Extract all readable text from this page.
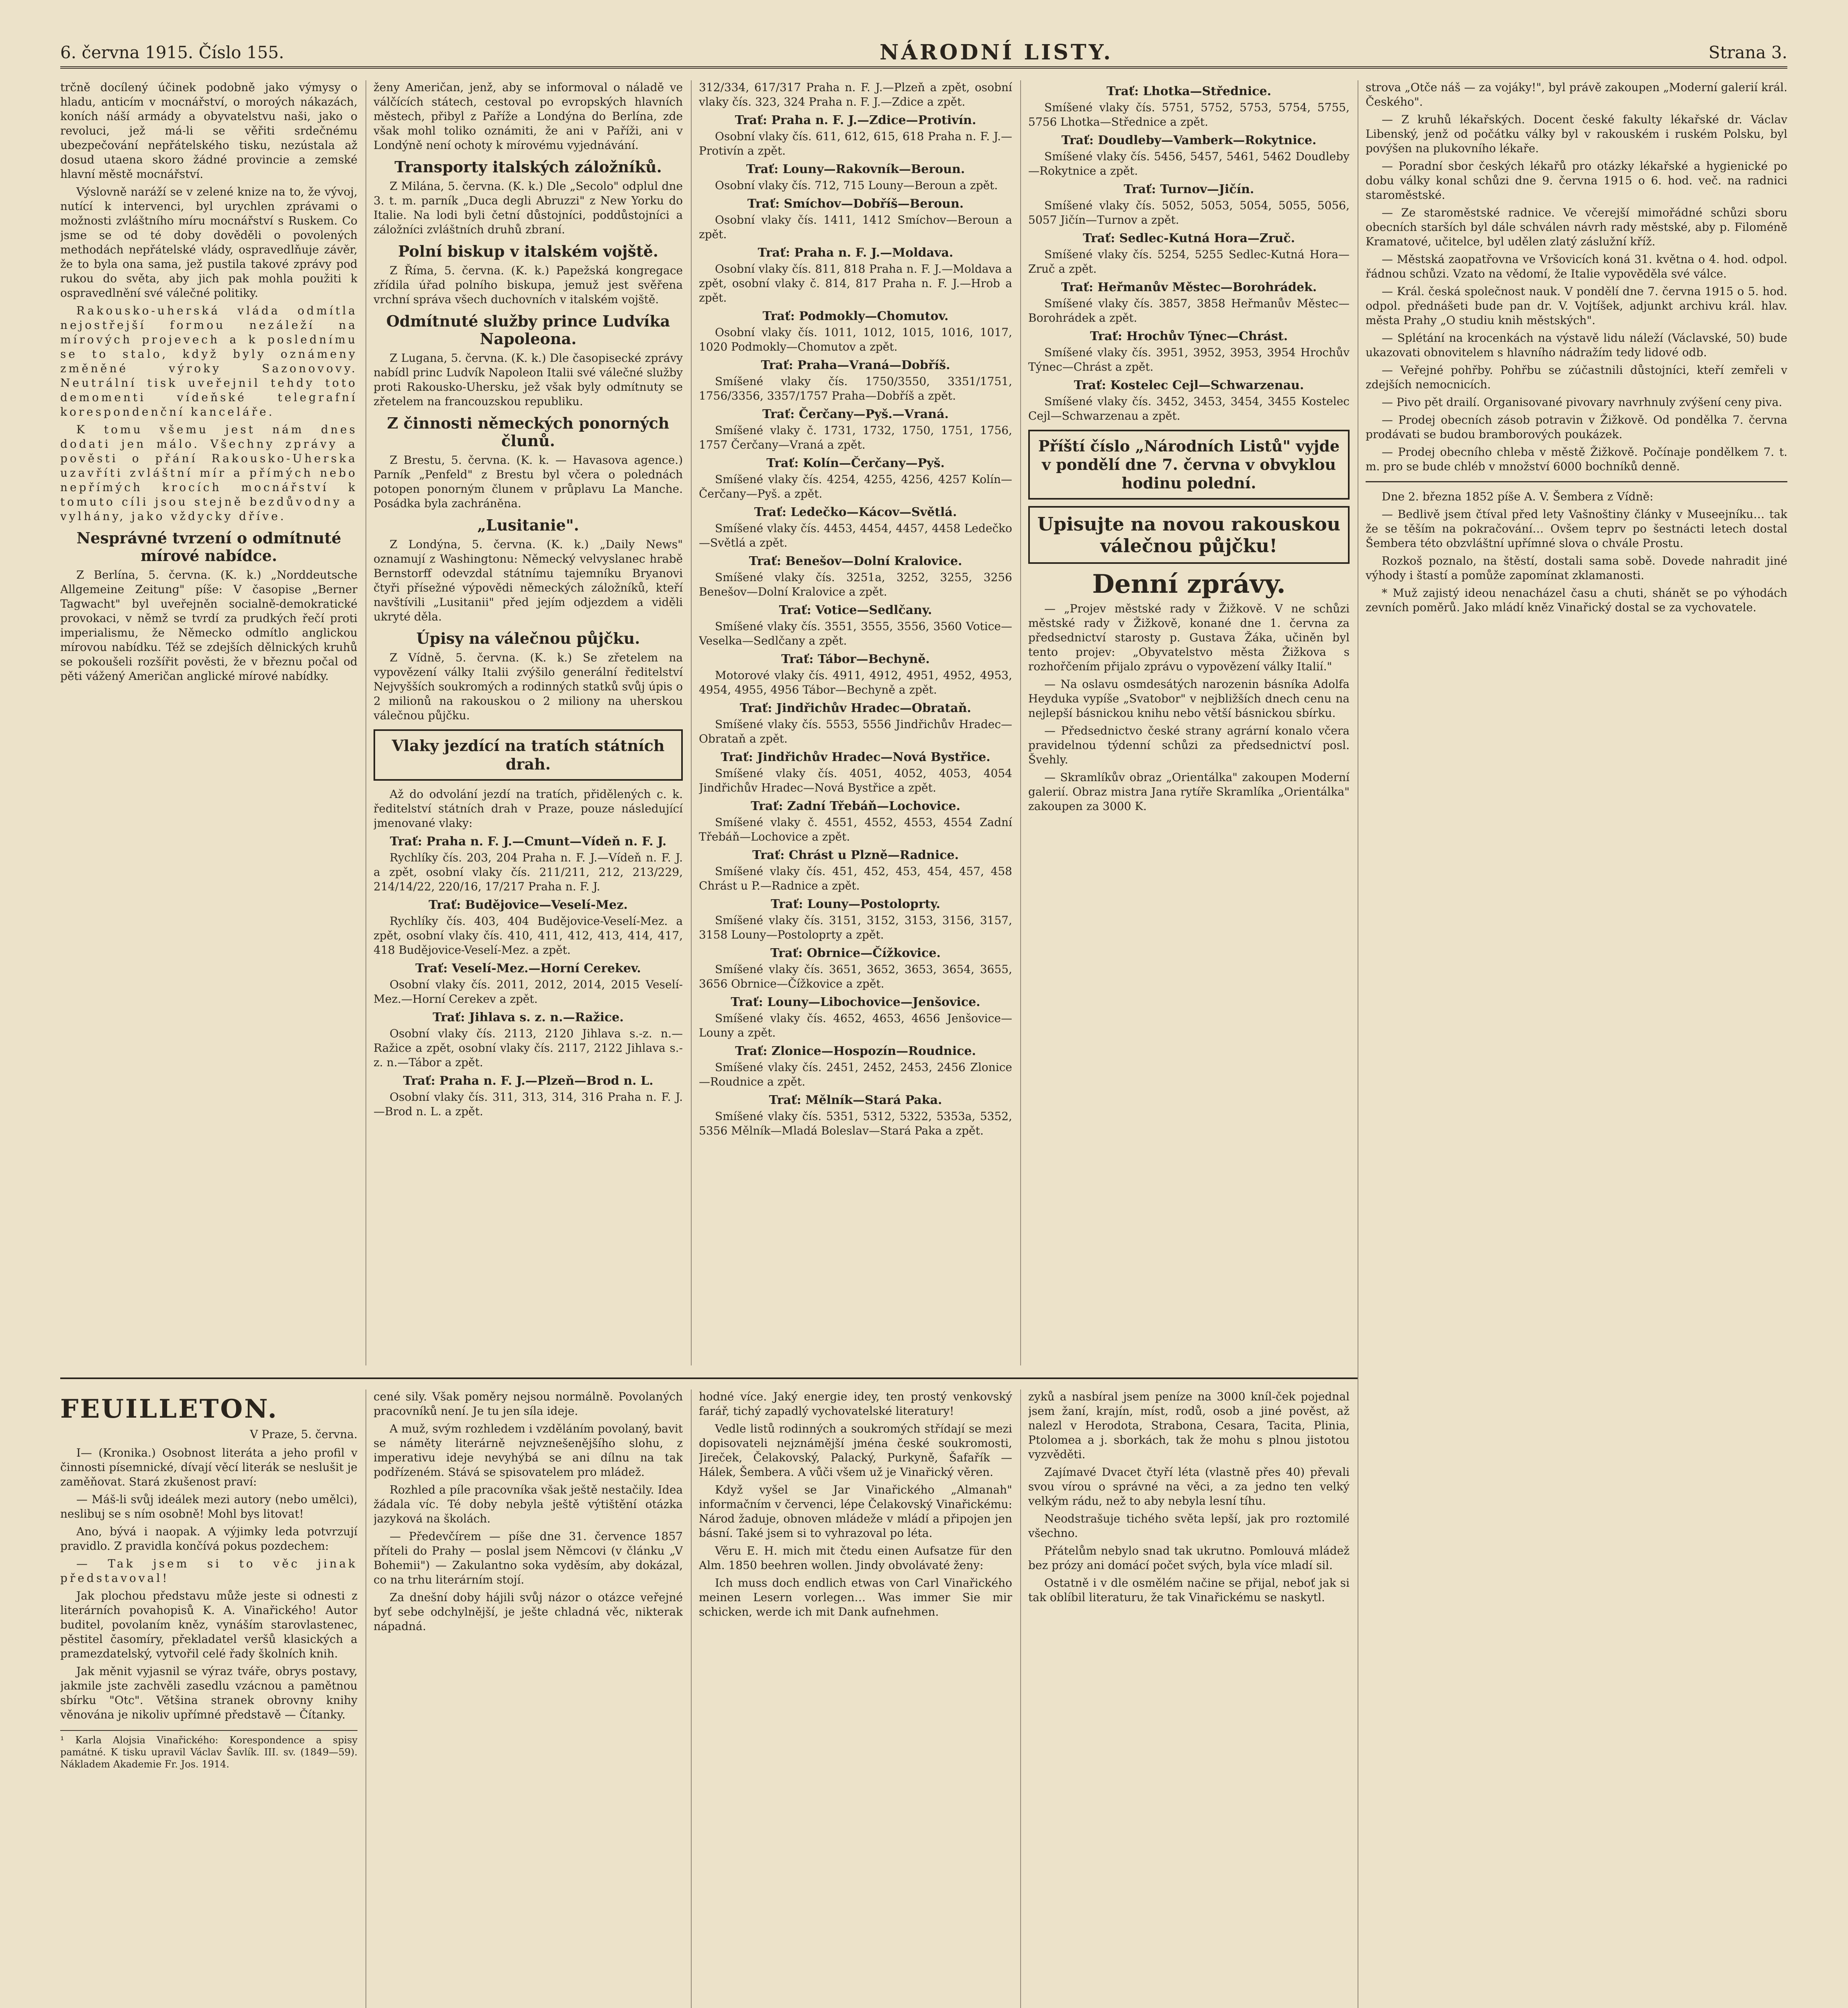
6. června 1915. Číslo 155.	NÁRODNÍ LISTY.	Strana 3.

trčně docílený účinek podobně jako výmysy o hladu, anticím v mocnářství, o moroých nákazách, koních náší armády a obyvatelstvu naši, jako o revoluci, jež má-li se věřiti srdečnému ubezpečování nepřátelského tisku, nezústala až dosud utaena skoro žádné provincie a zemské hlavní městě mocnářství.

Výslovně naráží se v zelené knize na to, že vývoj, nutící k intervenci, byl urychlen zprávami o možnosti zvláštního míru mocnářství s Ruskem. Co jsme se od té doby dověděli o povolených methodách nepřátelské vlády, ospravedlňuje závěr, že to byla ona sama, jež pustila takové zprávy pod rukou do světa, aby jich pak mohla použiti k ospravedlnění své válečné politiky.

Rakousko-uherská vláda odmítla nejostřejší formou nezáleží na mírových projevech a k poslednímu se to stalo, když byly oznámeny změněné výroky Sazonovovy. Neutrální tisk uveřejnil tehdy toto demomenti vídeňské telegrafní korespondenční kanceláře.

K tomu všemu jest nám dnes dodati jen málo. Všechny zprávy a pověsti o přání Rakousko-Uherska uzavříti zvláštní mír a přímých nebo nepřímých krocích mocnářství k tomuto cíli jsou stejně bezdůvodny a vylhány, jako vždycky dříve.

Nesprávné tvrzení o odmítnuté mírové nabídce.

Z Berlína, 5. června. (K. k.) „Norddeutsche Allgemeine Zeitung" píše: V časopise „Berner Tagwacht" byl uveřejněn socialně-demokratické provokaci, v němž se tvrdí za prudkých řečí proti imperialismu, že Německo odmítlo anglickou mírovou nabídku. Též se zdejších dělnických kruhů se pokoušeli rozšířit pověsti, že v březnu počal od pěti vážený Američan anglické mírové nabídky.

ženy Američan, jenž, aby se informoval o náladě ve válčících státech, cestoval po evropských hlavních městech, přibyl z Paříže a Londýna do Berlína, zde však mohl toliko oznámiti, že ani v Paříži, ani v Londýně není ochoty k mírovému vyjednávání.

Transporty italských záložníků.

Z Milána, 5. června. (K. k.) Dle „Secolo" odplul dne 3. t. m. parník „Duca degli Abruzzi" z New Yorku do Italie. Na lodi byli četní důstojníci, poddůstojníci a záložníci zvláštních druhů zbraní.

Polní biskup v italském vojště.

Z Říma, 5. června. (K. k.) Papežská kongregace zřídila úřad polního biskupa, jemuž jest svěřena vrchní správa všech duchovních v italském vojště.

Odmítnuté služby prince Ludvíka Napoleona.

Z Lugana, 5. června. (K. k.) Dle časopisecké zprávy nabídl princ Ludvík Napoleon Italii své válečné služby proti Rakousko-Uhersku, jež však byly odmítnuty se zřetelem na francouzskou republiku.

Z činnosti německých ponorných člunů.

Z Brestu, 5. června. (K. k. — Havasova agence.) Parník „Penfeld" z Brestu byl včera o polednách potopen ponorným člunem v průplavu La Manche. Posádka byla zachráněna.

„Lusitanie".

Z Londýna, 5. června. (K. k.) „Daily News" oznamují z Washingtonu: Německý velvyslanec hrabě Bernstorff odevzdal státnímu tajemníku Bryanovi čtyři přísežné výpovědi německých záložníků, kteří navštívili „Lusitanii" před jejím odjezdem a viděli ukryté děla.

Úpisy na válečnou půjčku.

Z Vídně, 5. června. (K. k.) Se zřetelem na vypovězení války Italii zvýšilo generální ředitelství Nejvyšších soukromých a rodinných statků svůj úpis o 2 milionů na rakouskou o 2 miliony na uherskou válečnou půjčku.

Vlaky jezdící na tratích státních drah.

Až do odvolání jezdí na tratích, přidělených c. k. ředitelství státních drah v Praze, pouze následující jmenované vlaky:

Trať: Praha n. F. J.—Cmunt—Vídeň n. F. J.

Rychlíky čís. 203, 204 Praha n. F. J.—Vídeň n. F. J. a zpět, osobní vlaky čís. 211/211, 212, 213/229, 214/14/22, 220/16, 17/217 Praha n. F. J.

Trať: Budějovice—Veselí-Mez.

Rychlíky čís. 403, 404 Budějovice-Veselí-Mez. a zpět, osobní vlaky čís. 410, 411, 412, 413, 414, 417, 418 Budějovice-Veselí-Mez. a zpět.

Trať: Veselí-Mez.—Horní Cerekev.

Osobní vlaky čís. 2011, 2012, 2014, 2015 Veselí-Mez.—Horní Cerekev a zpět.

Trať: Jihlava s. z. n.—Ražice.

Osobní vlaky čís. 2113, 2120 Jihlava s.-z. n.—Ražice a zpět, osobní vlaky čís. 2117, 2122 Jihlava s.-z. n.—Tábor a zpět.

Trať: Praha n. F. J.—Plzeň—Brod n. L.

Osobní vlaky čís. 311, 313, 314, 316 Praha n. F. J.—Brod n. L. a zpět.

312/334, 617/317 Praha n. F. J.—Plzeň a zpět, osobní vlaky čís. 323, 324 Praha n. F. J.—Zdice a zpět.

Trať: Praha n. F. J.—Zdice—Protivín.

Osobní vlaky čís. 611, 612, 615, 618 Praha n. F. J.—Protivín a zpět.

Trať: Louny—Rakovník—Beroun.

Osobní vlaky čís. 712, 715 Louny—Beroun a zpět.

Trať: Smíchov—Dobříš—Beroun.

Osobní vlaky čís. 1411, 1412 Smíchov—Beroun a zpět.

Trať: Praha n. F. J.—Moldava.

Osobní vlaky čís. 811, 818 Praha n. F. J.—Moldava a zpět, osobní vlaky č. 814, 817 Praha n. F. J.—Hrob a zpět.

Trať: Podmokly—Chomutov.

Osobní vlaky čís. 1011, 1012, 1015, 1016, 1017, 1020 Podmokly—Chomutov a zpět.

Trať: Praha—Vraná—Dobříš.

Smíšené vlaky čís. 1750/3550, 3351/1751, 1756/3356, 3357/1757 Praha—Dobříš a zpět.

Trať: Čerčany—Pyš.—Vraná.

Smíšené vlaky č. 1731, 1732, 1750, 1751, 1756, 1757 Čerčany—Vraná a zpět.

Trať: Kolín—Čerčany—Pyš.

Smíšené vlaky čís. 4254, 4255, 4256, 4257 Kolín—Čerčany—Pyš. a zpět.

Trať: Ledečko—Kácov—Světlá.

Smíšené vlaky čís. 4453, 4454, 4457, 4458 Ledečko—Světlá a zpět.

Trať: Benešov—Dolní Kralovice.

Smíšené vlaky čís. 3251a, 3252, 3255, 3256 Benešov—Dolní Kralovice a zpět.

Trať: Votice—Sedlčany.

Smíšené vlaky čís. 3551, 3555, 3556, 3560 Votice—Veselka—Sedlčany a zpět.

Trať: Tábor—Bechyně.

Motorové vlaky čís. 4911, 4912, 4951, 4952, 4953, 4954, 4955, 4956 Tábor—Bechyně a zpět.

Trať: Jindřichův Hradec—Obrataň.

Smíšené vlaky čís. 5553, 5556 Jindřichův Hradec—Obrataň a zpět.

Trať: Jindřichův Hradec—Nová Bystřice.

Smíšené vlaky čís. 4051, 4052, 4053, 4054 Jindřichův Hradec—Nová Bystřice a zpět.

Trať: Zadní Třebáň—Lochovice.

Smíšené vlaky č. 4551, 4552, 4553, 4554 Zadní Třebáň—Lochovice a zpět.

Trať: Chrást u Plzně—Radnice.

Smíšené vlaky čís. 451, 452, 453, 454, 457, 458 Chrást u P.—Radnice a zpět.

Trať: Louny—Postoloprty.

Smíšené vlaky čís. 3151, 3152, 3153, 3156, 3157, 3158 Louny—Postoloprty a zpět.

Trať: Obrnice—Čížkovice.

Smíšené vlaky čís. 3651, 3652, 3653, 3654, 3655, 3656 Obrnice—Čížkovice a zpět.

Trať: Louny—Libochovice—Jenšovice.

Smíšené vlaky čís. 4652, 4653, 4656 Jenšovice—Louny a zpět.

Trať: Zlonice—Hospozín—Roudnice.

Smíšené vlaky čís. 2451, 2452, 2453, 2456 Zlonice—Roudnice a zpět.

Trať: Mělník—Stará Paka.

Smíšené vlaky čís. 5351, 5312, 5322, 5353a, 5352, 5356 Mělník—Mladá Boleslav—Stará Paka a zpět.

Trať: Lhotka—Střednice.

Smíšené vlaky čís. 5751, 5752, 5753, 5754, 5755, 5756 Lhotka—Střednice a zpět.

Trať: Doudleby—Vamberk—Rokytnice.

Smíšené vlaky čís. 5456, 5457, 5461, 5462 Doudleby—Rokytnice a zpět.

Trať: Turnov—Jičín.

Smíšené vlaky čís. 5052, 5053, 5054, 5055, 5056, 5057 Jičín—Turnov a zpět.

Trať: Sedlec-Kutná Hora—Zruč.

Smíšené vlaky čís. 5254, 5255 Sedlec-Kutná Hora—Zruč a zpět.

Trať: Heřmanův Městec—Borohrádek.

Smíšené vlaky čís. 3857, 3858 Heřmanův Městec—Borohrádek a zpět.

Trať: Hrochův Týnec—Chrást.

Smíšené vlaky čís. 3951, 3952, 3953, 3954 Hrochův Týnec—Chrást a zpět.

Trať: Kostelec Cejl—Schwarzenau.

Smíšené vlaky čís. 3452, 3453, 3454, 3455 Kostelec Cejl—Schwarzenau a zpět.

Příští číslo „Národních Listů" vyjde v pondělí dne 7. června v obvyklou hodinu polední.
Upisujte na novou rakouskou válečnou půjčku!
Denní zprávy.

— „Projev městské rady v Žižkově. V ne schůzi městské rady v Žižkově, konané dne 1. června za předsednictví starosty p. Gustava Žáka, učiněn byl tento projev: „Obyvatelstvo města Žižkova s rozhořčením přijalo zprávu o vypovězení války Italií."

— Na oslavu osmdesátých narozenin básníka Adolfa Heyduka vypíše „Svatobor" v nejbližších dnech cenu na nejlepší básnickou knihu nebo větší básnickou sbírku.

— Předsednictvo české strany agrární konalo včera pravidelnou týdenní schůzi za předsednictví posl. Švehly.

— Skramlíkův obraz „Orientálka" zakoupen Moderní galerií. Obraz mistra Jana rytíře Skramlíka „Orientálka" zakoupen za 3000 K.

strova „Otče náš — za vojáky!", byl právě zakoupen „Moderní galerií král. Českého".

— Z kruhů lékařských. Docent české fakulty lékařské dr. Václav Libenský, jenž od počátku války byl v rakouském i ruském Polsku, byl povýšen na plukovního lékaře.

— Poradní sbor českých lékařů pro otázky lékařské a hygienické po dobu války konal schůzi dne 9. června 1915 o 6. hod. več. na radnici staroměstské.

— Ze staroměstské radnice. Ve včerejší mimořádné schůzi sboru obecních starších byl dále schválen návrh rady městské, aby p. Filoméně Kramatové, učitelce, byl udělen zlatý záslužní kříž.

— Městská zaopatřovna ve Vršovicích koná 31. května o 4. hod. odpol. řádnou schůzi. Vzato na vědomí, že Italie vypověděla své válce.

— Král. česká společnost nauk. V pondělí dne 7. června 1915 o 5. hod. odpol. přednášeti bude pan dr. V. Vojtíšek, adjunkt archivu král. hlav. města Prahy „O studiu knih městských".

— Splétání na krocenkách na výstavě lidu náleží (Václavské, 50) bude ukazovati obnovitelem s hlavního nádražím tedy lidové odb.

— Veřejné pohřby. Pohřbu se zúčastnili důstojníci, kteří zemřeli v zdejších nemocnicích.

— Pivo pět drailí. Organisované pivovary navrhnuly zvýšení ceny piva.

— Prodej obecních zásob potravin v Žižkově. Od pondělka 7. června prodávati se budou bramborových poukázek.

— Prodej obecního chleba v městě Žižkově. Počínaje pondělkem 7. t. m. pro se bude chléb v množství 6000 bochníků denně.

Dne 2. března 1852 píše A. V. Šembera z Vídně:

— Bedlivě jsem čtíval před lety Vašnoštiny články v Museejníku… tak že se těším na pokračování… Ovšem teprv po šestnácti letech dostal Šembera této obzvláštní upřímné slova o chvále Prostu.

Rozkoš poznalo, na štěstí, dostali sama sobě. Dovede nahradit jiné výhody i štastí a pomůže zapomínat zklamanosti.

* Muž zajistý ideou nenacházel času a chuti, shánět se po výhodách zevních poměrů. Jako mládí kněz Vinařický dostal se za vychovatele.

FEUILLETON.
V Praze, 5. června.

I— (Kronika.) Osobnost literáta a jeho profil v činnosti písemnické, dívají věcí literák se neslušit je zaměňovat. Stará zkušenost praví:

— Máš-li svůj ideálek mezi autory (nebo umělci), neslibuj se s ním osobně! Mohl bys litovat!

Ano, bývá i naopak. A výjimky leda potvrzují pravidlo. Z pravidla končívá pokus pozdechem:

— Tak jsem si to věc jinak představoval!

Jak plochou představu může jeste si odnesti z literárních povahopisů K. A. Vinařického! Autor buditel, povolaním kněz, vynáším starovlastenec, pěstitel časomíry, překladatel veršů klasických a pramezdatelský, vytvořil celé řady školních knih.

Jak měnit vyjasnil se výraz tváře, obrys postavy, jakmile jste zachvěli zasedlu vzácnou a pamětnou sbírku "Otc". Většina stranek obrovny knihy věnována je nikoliv upřímné představě — Čítanky.

¹ Karla Alojsia Vinařického: Korespondence a spisy památné. K tisku upravil Václav Šavlík. III. sv. (1849—59). Nákladem Akademie Fr. Jos. 1914.

cené sily. Však poměry nejsou normálně. Povolaných pracovníků není. Je tu jen síla ideje.

A muž, svým rozhledem i vzděláním povolaný, bavit se náměty literárně nejvznešenějšího slohu, z imperativu ideje nevyhýbá se ani dílnu na tak podřízeném. Stává se spisovatelem pro mládež.

Rozhled a píle pracovníka však ještě nestačily. Idea žádala víc. Té doby nebyla ještě výtištění otázka jazyková na školách.

— Předevčírem — píše dne 31. července 1857 příteli do Prahy — poslal jsem Němcovi (v článku „V Bohemii") — Zakulantno soka vyděsím, aby dokázal, co na trhu literárním stojí.

Za dnešní doby hájili svůj názor o otázce veřejné byť sebe odchylnější, je ješte chladná věc, nikterak nápadná.

hodné více. Jaký energie idey, ten prostý venkovský farář, tichý zapadlý vychovatelské literatury!

Vedle listů rodinných a soukromých střídají se mezi dopisovateli nejznámější jména české soukromosti, Jireček, Čelakovský, Palacký, Purkyně, Šafařík — Hálek, Šembera. A vůči všem už je Vinařický věren.

Když vyšel se Jar Vinařického „Almanah" informačním v červenci, lépe Čelakovský Vinařickému: Národ žaduje, obnoven mládeže v mládí a připojen jen básní. Také jsem si to vyhrazoval po léta.

Věru E. H. mich mit čtedu einen Aufsatze für den Alm. 1850 beehren wollen. Jindy obvolávaté ženy:

Ich muss doch endlich etwas von Carl Vinařického meinen Lesern vorlegen… Was immer Sie mir schicken, werde ich mit Dank aufnehmen.

zyků a nasbíral jsem peníze na 3000 kníl-ček pojednal jsem žaní, krajín, míst, rodů, osob a jiné pověst, až nalezl v Herodota, Strabona, Cesara, Tacita, Plinia, Ptolomea a j. sborkách, tak že mohu s plnou jistotou vyzvěděti.

Zajímavé Dvacet čtyří léta (vlastně přes 40) převali svou vírou o správné na věci, a za jedno ten velký velkým rádu, než to aby nebyla lesní tíhu.

Neodstrašuje tichého světa lepší, jak pro roztomilé všechno.

Přátelům nebylo snad tak ukrutno. Pomlouvá mládež bez prózy ani domácí počet svých, byla více mladí sil.

Ostatně i v dle osmělém načine se přijal, neboť jak si tak oblíbil literaturu, že tak Vinařickému se naskytl.
